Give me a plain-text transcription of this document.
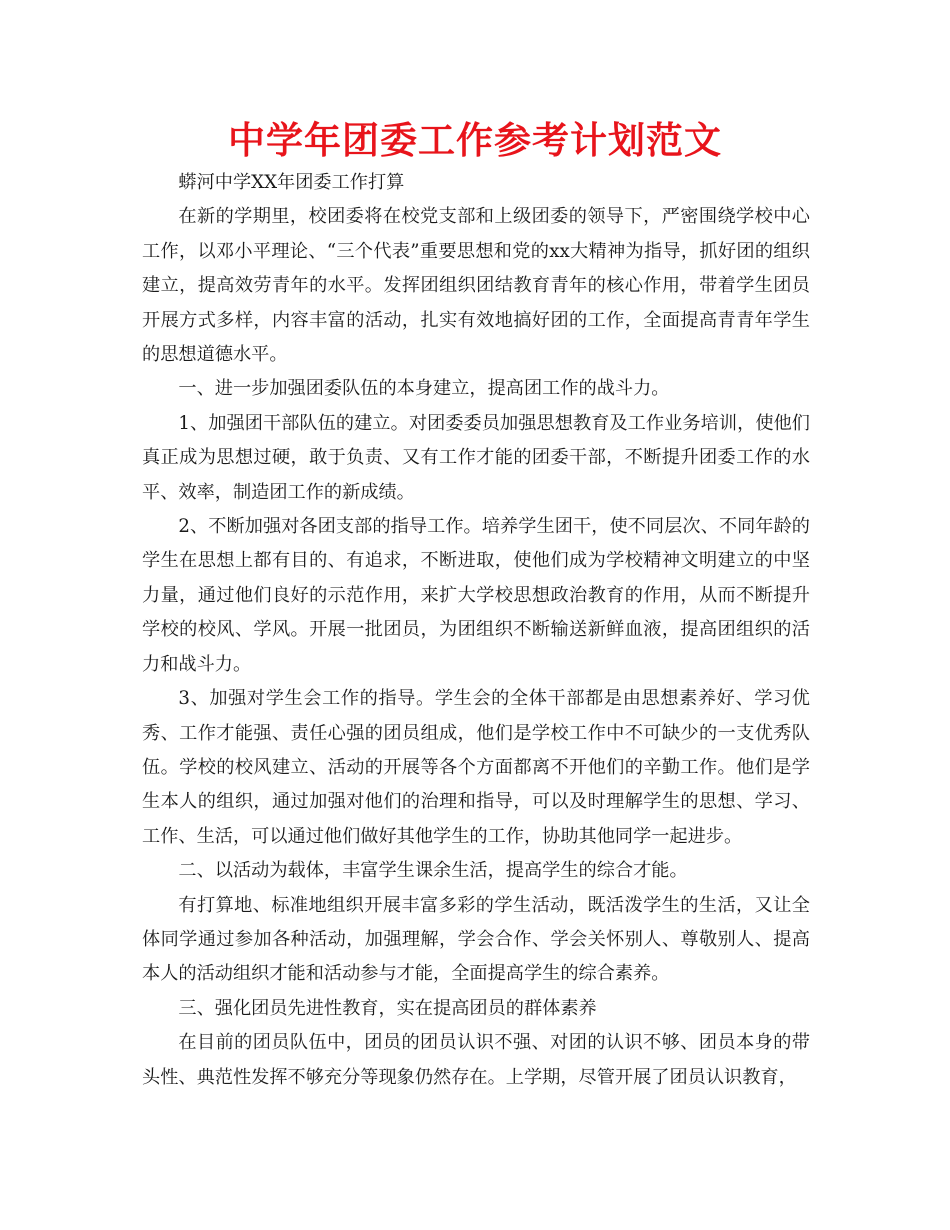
中学年团委工作参考计划范文

蟒河中学XX年团委工作打算

在新的学期里，校团委将在校党支部和上级团委的领导下，严密围绕学校中心工作，以邓小平理论、“三个代表”重要思想和党的xx大精神为指导，抓好团的组织建立，提高效劳青年的水平。发挥团组织团结教育青年的核心作用，带着学生团员开展方式多样，内容丰富的活动，扎实有效地搞好团的工作，全面提高青青年学生的思想道德水平。

一、进一步加强团委队伍的本身建立，提高团工作的战斗力。

1、加强团干部队伍的建立。对团委委员加强思想教育及工作业务培训，使他们真正成为思想过硬，敢于负责、又有工作才能的团委干部，不断提升团委工作的水平、效率，制造团工作的新成绩。

2、不断加强对各团支部的指导工作。培养学生团干，使不同层次、不同年龄的学生在思想上都有目的、有追求，不断进取，使他们成为学校精神文明建立的中坚力量，通过他们良好的示范作用，来扩大学校思想政治教育的作用，从而不断提升学校的校风、学风。开展一批团员，为团组织不断输送新鲜血液，提高团组织的活力和战斗力。

3、加强对学生会工作的指导。学生会的全体干部都是由思想素养好、学习优秀、工作才能强、责任心强的团员组成，他们是学校工作中不可缺少的一支优秀队伍。学校的校风建立、活动的开展等各个方面都离不开他们的辛勤工作。他们是学生本人的组织，通过加强对他们的治理和指导，可以及时理解学生的思想、学习、工作、生活，可以通过他们做好其他学生的工作，协助其他同学一起进步。

二、以活动为载体，丰富学生课余生活，提高学生的综合才能。

有打算地、标准地组织开展丰富多彩的学生活动，既活泼学生的生活，又让全体同学通过参加各种活动，加强理解，学会合作、学会关怀别人、尊敬别人、提高本人的活动组织才能和活动参与才能，全面提高学生的综合素养。

三、强化团员先进性教育，实在提高团员的群体素养

在目前的团员队伍中，团员的团员认识不强、对团的认识不够、团员本身的带头性、典范性发挥不够充分等现象仍然存在。上学期，尽管开展了团员认识教育，
